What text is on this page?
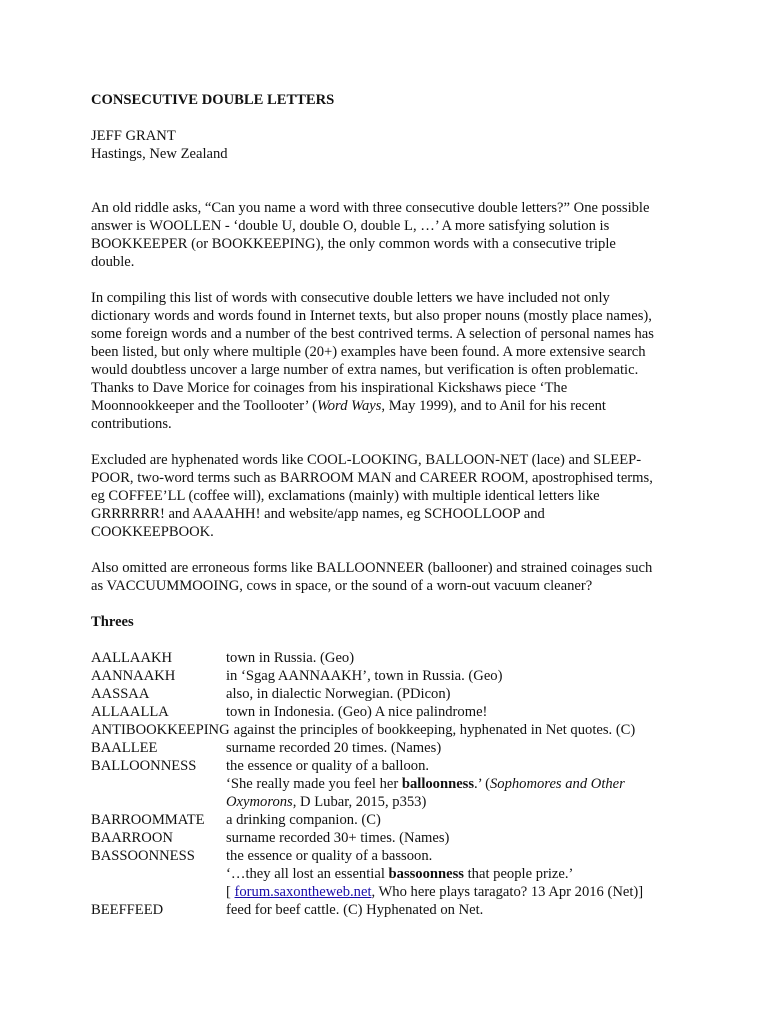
CONSECUTIVE DOUBLE LETTERS
JEFF GRANT
Hastings, New Zealand
An old riddle asks, “Can you name a word with three consecutive double letters?” One possible
answer is WOOLLEN - ‘double U, double O, double L, …’ A more satisfying solution is
BOOKKEEPER (or BOOKKEEPING), the only common words with a consecutive triple
double.
In compiling this list of words with consecutive double letters we have included not only
dictionary words and words found in Internet texts, but also proper nouns (mostly place names),
some foreign words and a number of the best contrived terms. A selection of personal names has
been listed, but only where multiple (20+) examples have been found. A more extensive search
would doubtless uncover a large number of extra names, but verification is often problematic.
Thanks to Dave Morice for coinages from his inspirational Kickshaws piece ‘The
Moonnookkeeper and the Toollooter’ (Word Ways, May 1999), and to Anil for his recent
contributions.
Excluded are hyphenated words like COOL-LOOKING, BALLOON-NET (lace) and SLEEP-
POOR, two-word terms such as BARROOM MAN and CAREER ROOM, apostrophised terms,
eg COFFEE’LL (coffee will), exclamations (mainly) with multiple identical letters like
GRRRRRR! and AAAAHH! and website/app names, eg SCHOOLLOOP and
COOKKEEPBOOK.
Also omitted are erroneous forms like BALLOONNEER (ballooner) and strained coinages such
as VACCUUMMOOING, cows in space, or the sound of a worn-out vacuum cleaner?
Threes
AALLAAKH	town in Russia. (Geo)
AANNAAKH	in ‘Sgag AANNAAKH’, town in Russia. (Geo)
AASSAA	also, in dialectic Norwegian. (PDicon)
ALLAALLA	town in Indonesia. (Geo) A nice palindrome!
ANTIBOOKKEEPING against the principles of bookkeeping, hyphenated in Net quotes. (C)
BAALLEE	surname recorded 20 times. (Names)
BALLOONNESS	the essence or quality of a balloon.
‘She really made you feel her balloonness.’ (Sophomores and Other
Oxymorons, D Lubar, 2015, p353)
BARROOMMATE	a drinking companion. (C)
BAARROON	surname recorded 30+ times. (Names)
BASSOONNESS	the essence or quality of a bassoon.
‘…they all lost an essential bassoonness that people prize.’
[ forum.saxontheweb.net, Who here plays taragato? 13 Apr 2016 (Net)]
BEEFFEED	feed for beef cattle. (C) Hyphenated on Net.
